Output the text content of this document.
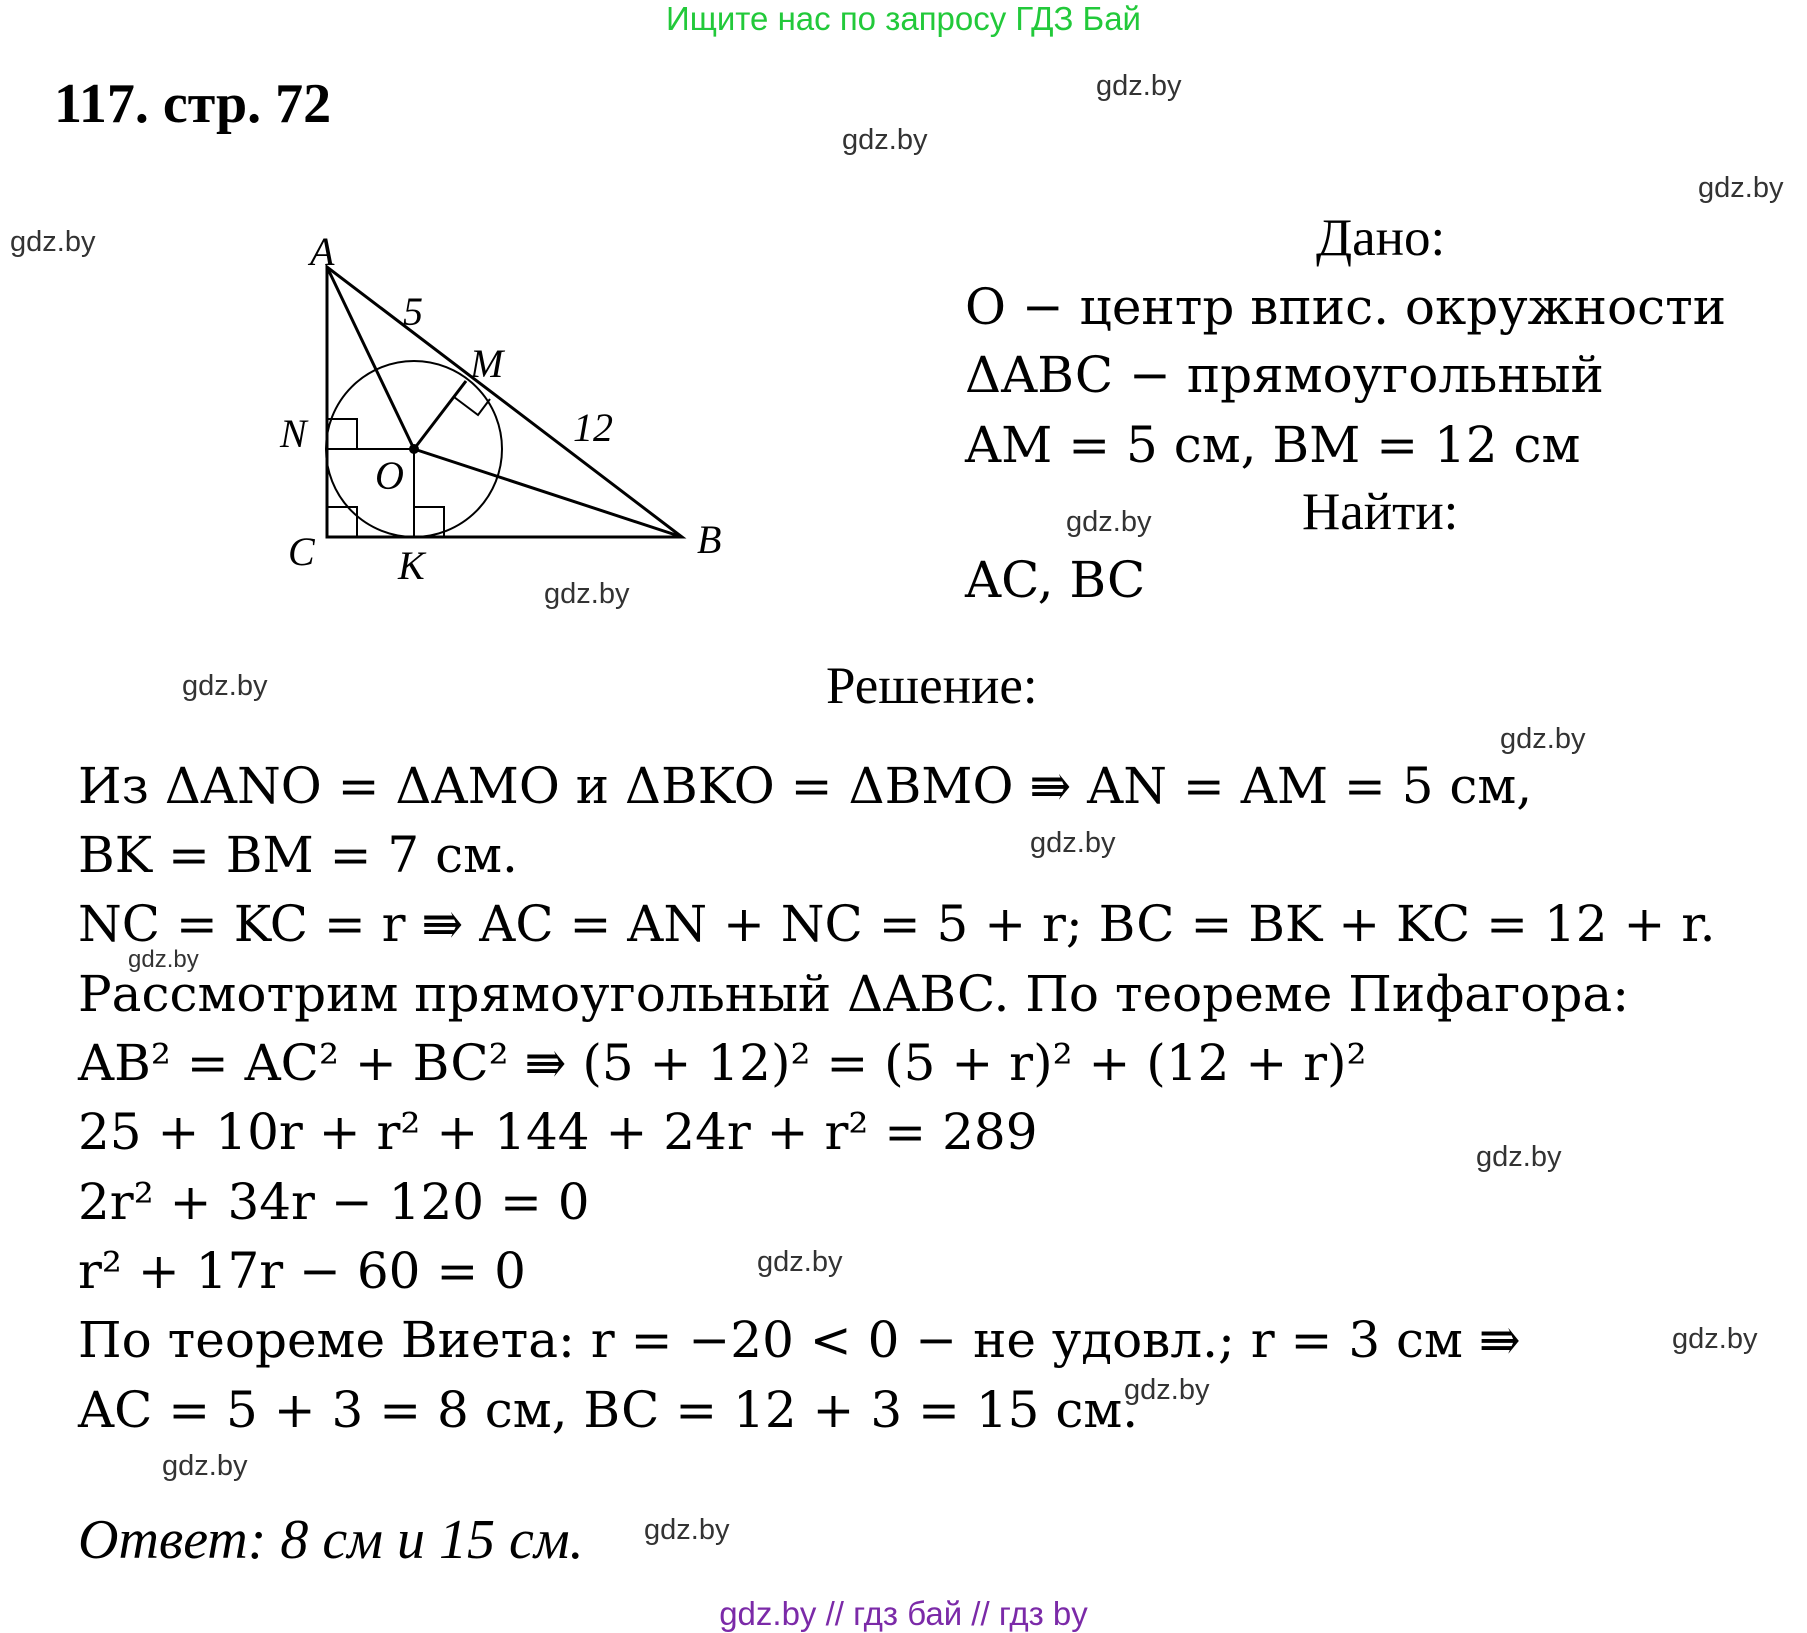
Ищите нас по запросу ГДЗ Бай
117. стр. 72	gdz.by
gdz.by
gdz.by
gdz.by
gdz.by
gdz.by
gdz.by
gdz.by
gdz.by
gdz.by
gdz.by
gdz.by
gdz.by
gdz.by
gdz.by
gdz.by
A
B
C
M
N
O
K
5
12
Дано:
O − центр впис. окружности
ΔABC − прямоугольный
AM = 5 см, BM = 12 см
Найти:
AC, BC
Решение:
Из ΔANO = ΔAMO и ΔBKO = ΔBMO ⇛ AN = AM = 5 см,
BK = BM = 7 см.
NC = KC = r ⇛ AC = AN + NC = 5 + r; BC = BK + KC = 12 + r.
Рассмотрим прямоугольный ΔABC. По теореме Пифагора:
AB² = AC² + BC² ⇛ (5 + 12)² = (5 + r)² + (12 + r)²
25 + 10r + r² + 144 + 24r + r² = 289
2r² + 34r − 120 = 0
r² + 17r − 60 = 0
По теореме Виета: r = −20 < 0 − не удовл.; r = 3 см ⇛
AC = 5 + 3 = 8 см, BC = 12 + 3 = 15 см.
Ответ: 8 см и 15 см.
gdz.by // гдз бай // гдз by
